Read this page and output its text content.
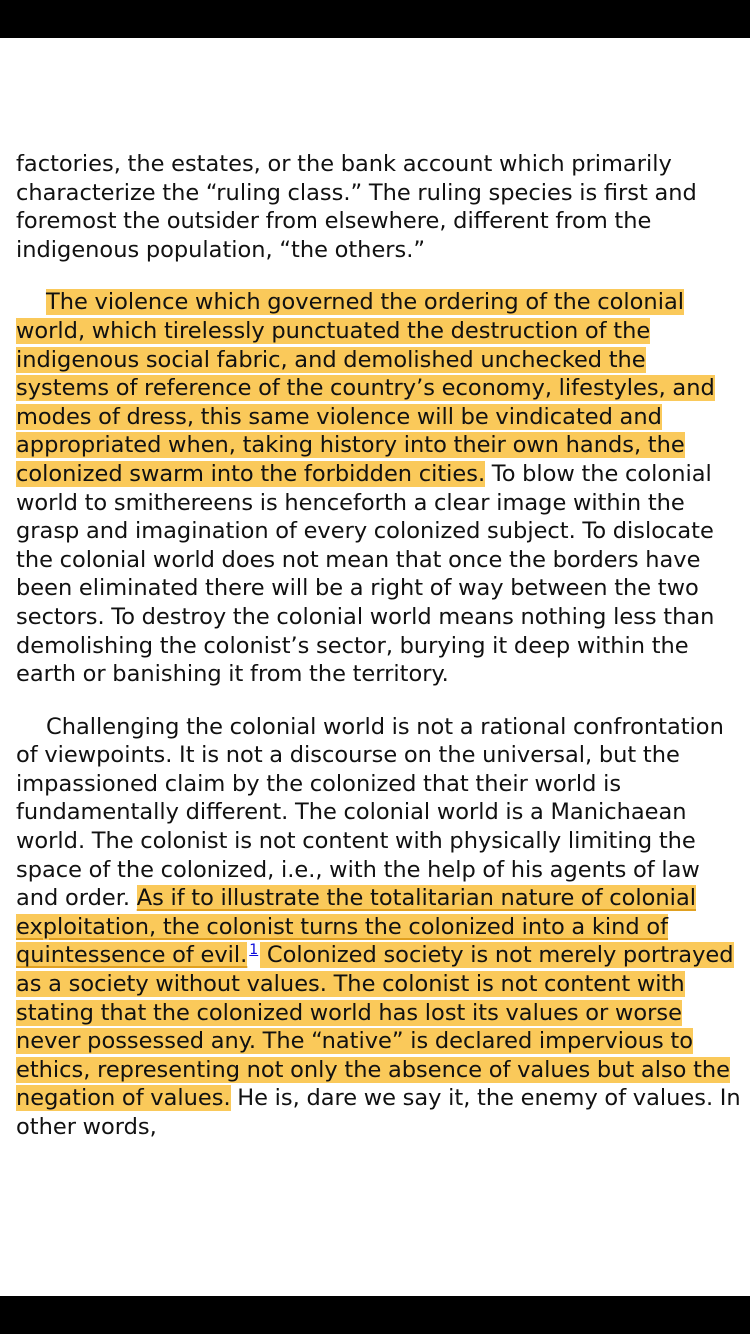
factories, the estates, or the bank account which primarily characterize the “ruling class.” The ruling species is first and foremost the outsider from elsewhere, different from the indigenous population, “the others.”

The violence which governed the ordering of the colonial world, which tirelessly punctuated the destruction of the indigenous social fabric, and demolished unchecked the systems of reference of the country’s economy, lifestyles, and modes of dress, this same violence will be vindicated and appropriated when, taking history into their own hands, the colonized swarm into the forbidden cities. To blow the colonial world to smithereens is henceforth a clear image within the grasp and imagination of every colonized subject. To dislocate the colonial world does not mean that once the borders have been eliminated there will be a right of way between the two sectors. To destroy the colonial world means nothing less than demolishing the colonist’s sector, burying it deep within the earth or banishing it from the territory.

Challenging the colonial world is not a rational confrontation of viewpoints. It is not a discourse on the universal, but the impassioned claim by the colonized that their world is fundamentally different. The colonial world is a Manichaean world. The colonist is not content with physically limiting the space of the colonized, i.e., with the help of his agents of law and order. As if to illustrate the totalitarian nature of colonial exploitation, the colonist turns the colonized into a kind of quintessence of evil. $^1$ Colonized society is not merely portrayed as a society without values. The colonist is not content with stating that the colonized world has lost its values or worse never possessed any. The “native” is declared impervious to ethics, representing not only the absence of values but also the negation of values. He is, dare we say it, the enemy of values. In other words,
